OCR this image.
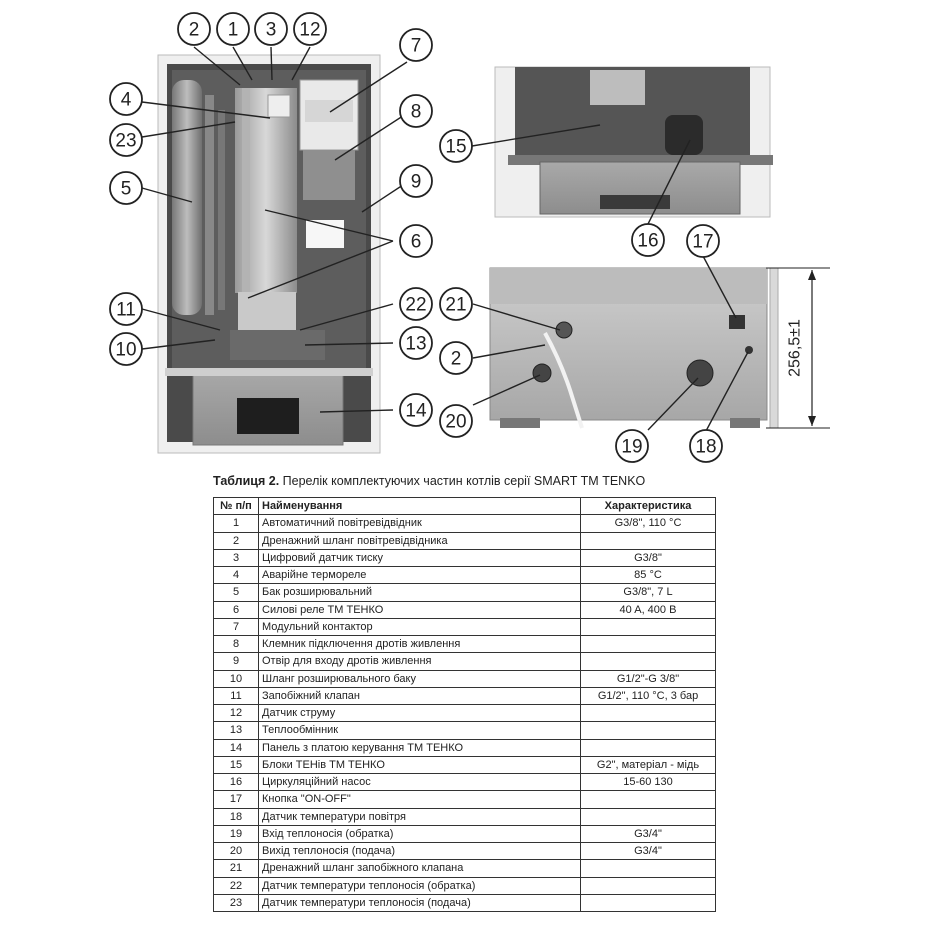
256,5±1
2 1 3 12
7
4
23
8
5	9
6
11	22
10	13
14
15
16 17
21
2
20
19	18
Таблиця 2. Перелік комплектуючих частин котлів серії SMART ТМ TENKO
№ п/п	Найменування	Характеристика
1	Автоматичний повітревідвідник	G3/8", 110 °C
2	Дренажний шланг повітревідвідника	
3	Цифровий датчик тиску	G3/8"
4	Аварійне термореле	85 °C
5	Бак розширювальний	G3/8", 7 L
6	Силові реле ТМ ТЕНКО	40 A, 400 B
7	Модульний контактор	
8	Клемник підключення дротів живлення	
9	Отвір для входу дротів живлення	
10	Шланг розширювального баку	G1/2"-G 3/8"
11	Запобіжний клапан	G1/2", 110 °C, 3 бар
12	Датчик струму	
13	Теплообмінник	
14	Панель з платою керування ТМ ТЕНКО	
15	Блоки ТЕНів ТМ ТЕНКО	G2", матеріал - мідь
16	Циркуляційний насос	15-60 130
17	Кнопка "ON-OFF"	
18	Датчик температури повітря	
19	Вхід теплоносія (обратка)	G3/4"
20	Вихід теплоносія (подача)	G3/4"
21	Дренажний шланг запобіжного клапана	
22	Датчик температури теплоносія (обратка)	
23	Датчик температури теплоносія (подача)	
